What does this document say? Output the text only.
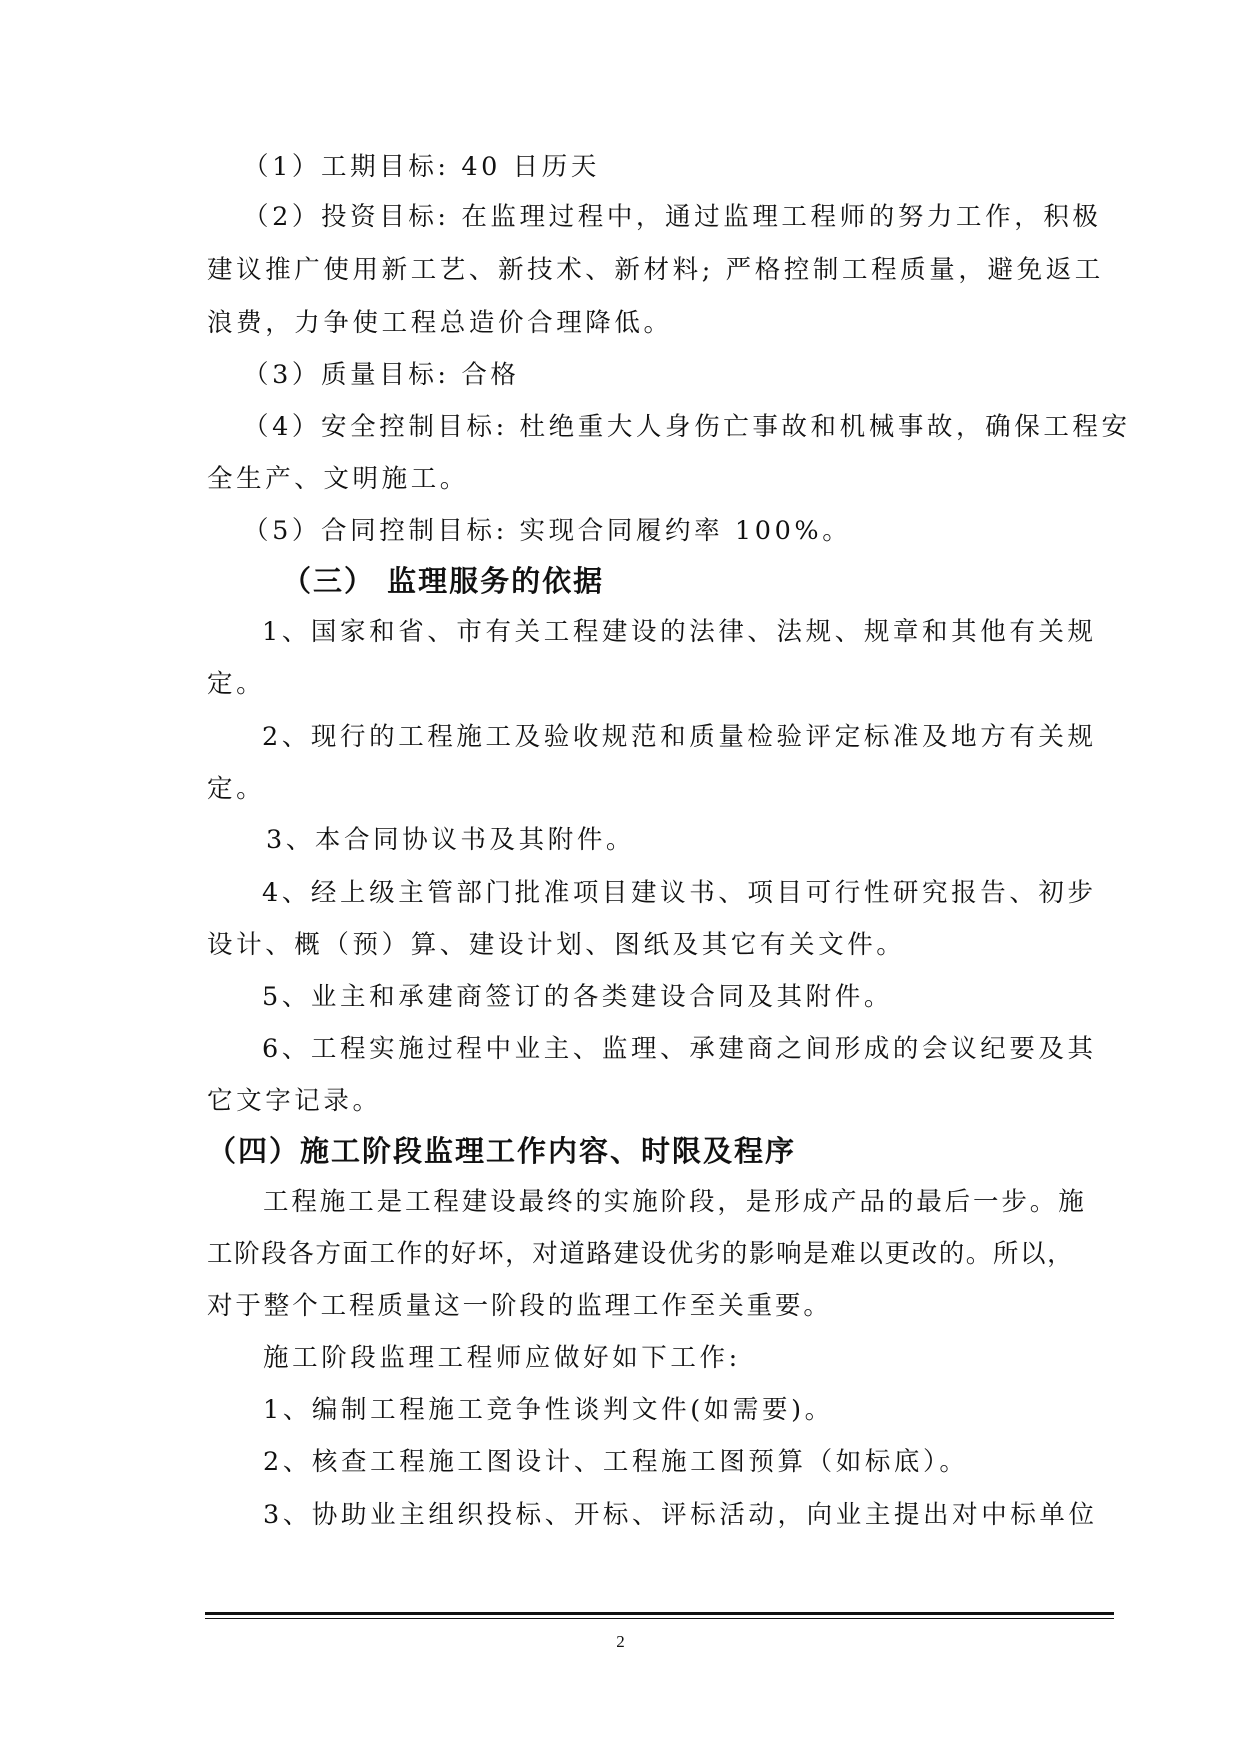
（1）工期目标: 40 日历天
（2）投资目标: 在监理过程中，通过监理工程师的努力工作，积极
建议推广使用新工艺、新技术、新材料; 严格控制工程质量，避免返工
浪费，力争使工程总造价合理降低。
（3）质量目标: 合格
（4）安全控制目标: 杜绝重大人身伤亡事故和机械事故，确保工程安
全生产、文明施工。
（5）合同控制目标: 实现合同履约率 100%。
（三） 监理服务的依据
1、国家和省、市有关工程建设的法律、法规、规章和其他有关规
定。
2、现行的工程施工及验收规范和质量检验评定标准及地方有关规
定。
3、本合同协议书及其附件。
4、经上级主管部门批准项目建议书、项目可行性研究报告、初步
设计、概（预）算、建设计划、图纸及其它有关文件。
5、业主和承建商签订的各类建设合同及其附件。
6、工程实施过程中业主、监理、承建商之间形成的会议纪要及其
它文字记录。
（四）施工阶段监理工作内容、时限及程序
工程施工是工程建设最终的实施阶段，是形成产品的最后一步。施
工阶段各方面工作的好坏，对道路建设优劣的影响是难以更改的。所以，
对于整个工程质量这一阶段的监理工作至关重要。
施工阶段监理工程师应做好如下工作:
1、编制工程施工竞争性谈判文件(如需要)。
2、核查工程施工图设计、工程施工图预算（如标底）。
3、协助业主组织投标、开标、评标活动，向业主提出对中标单位
2
